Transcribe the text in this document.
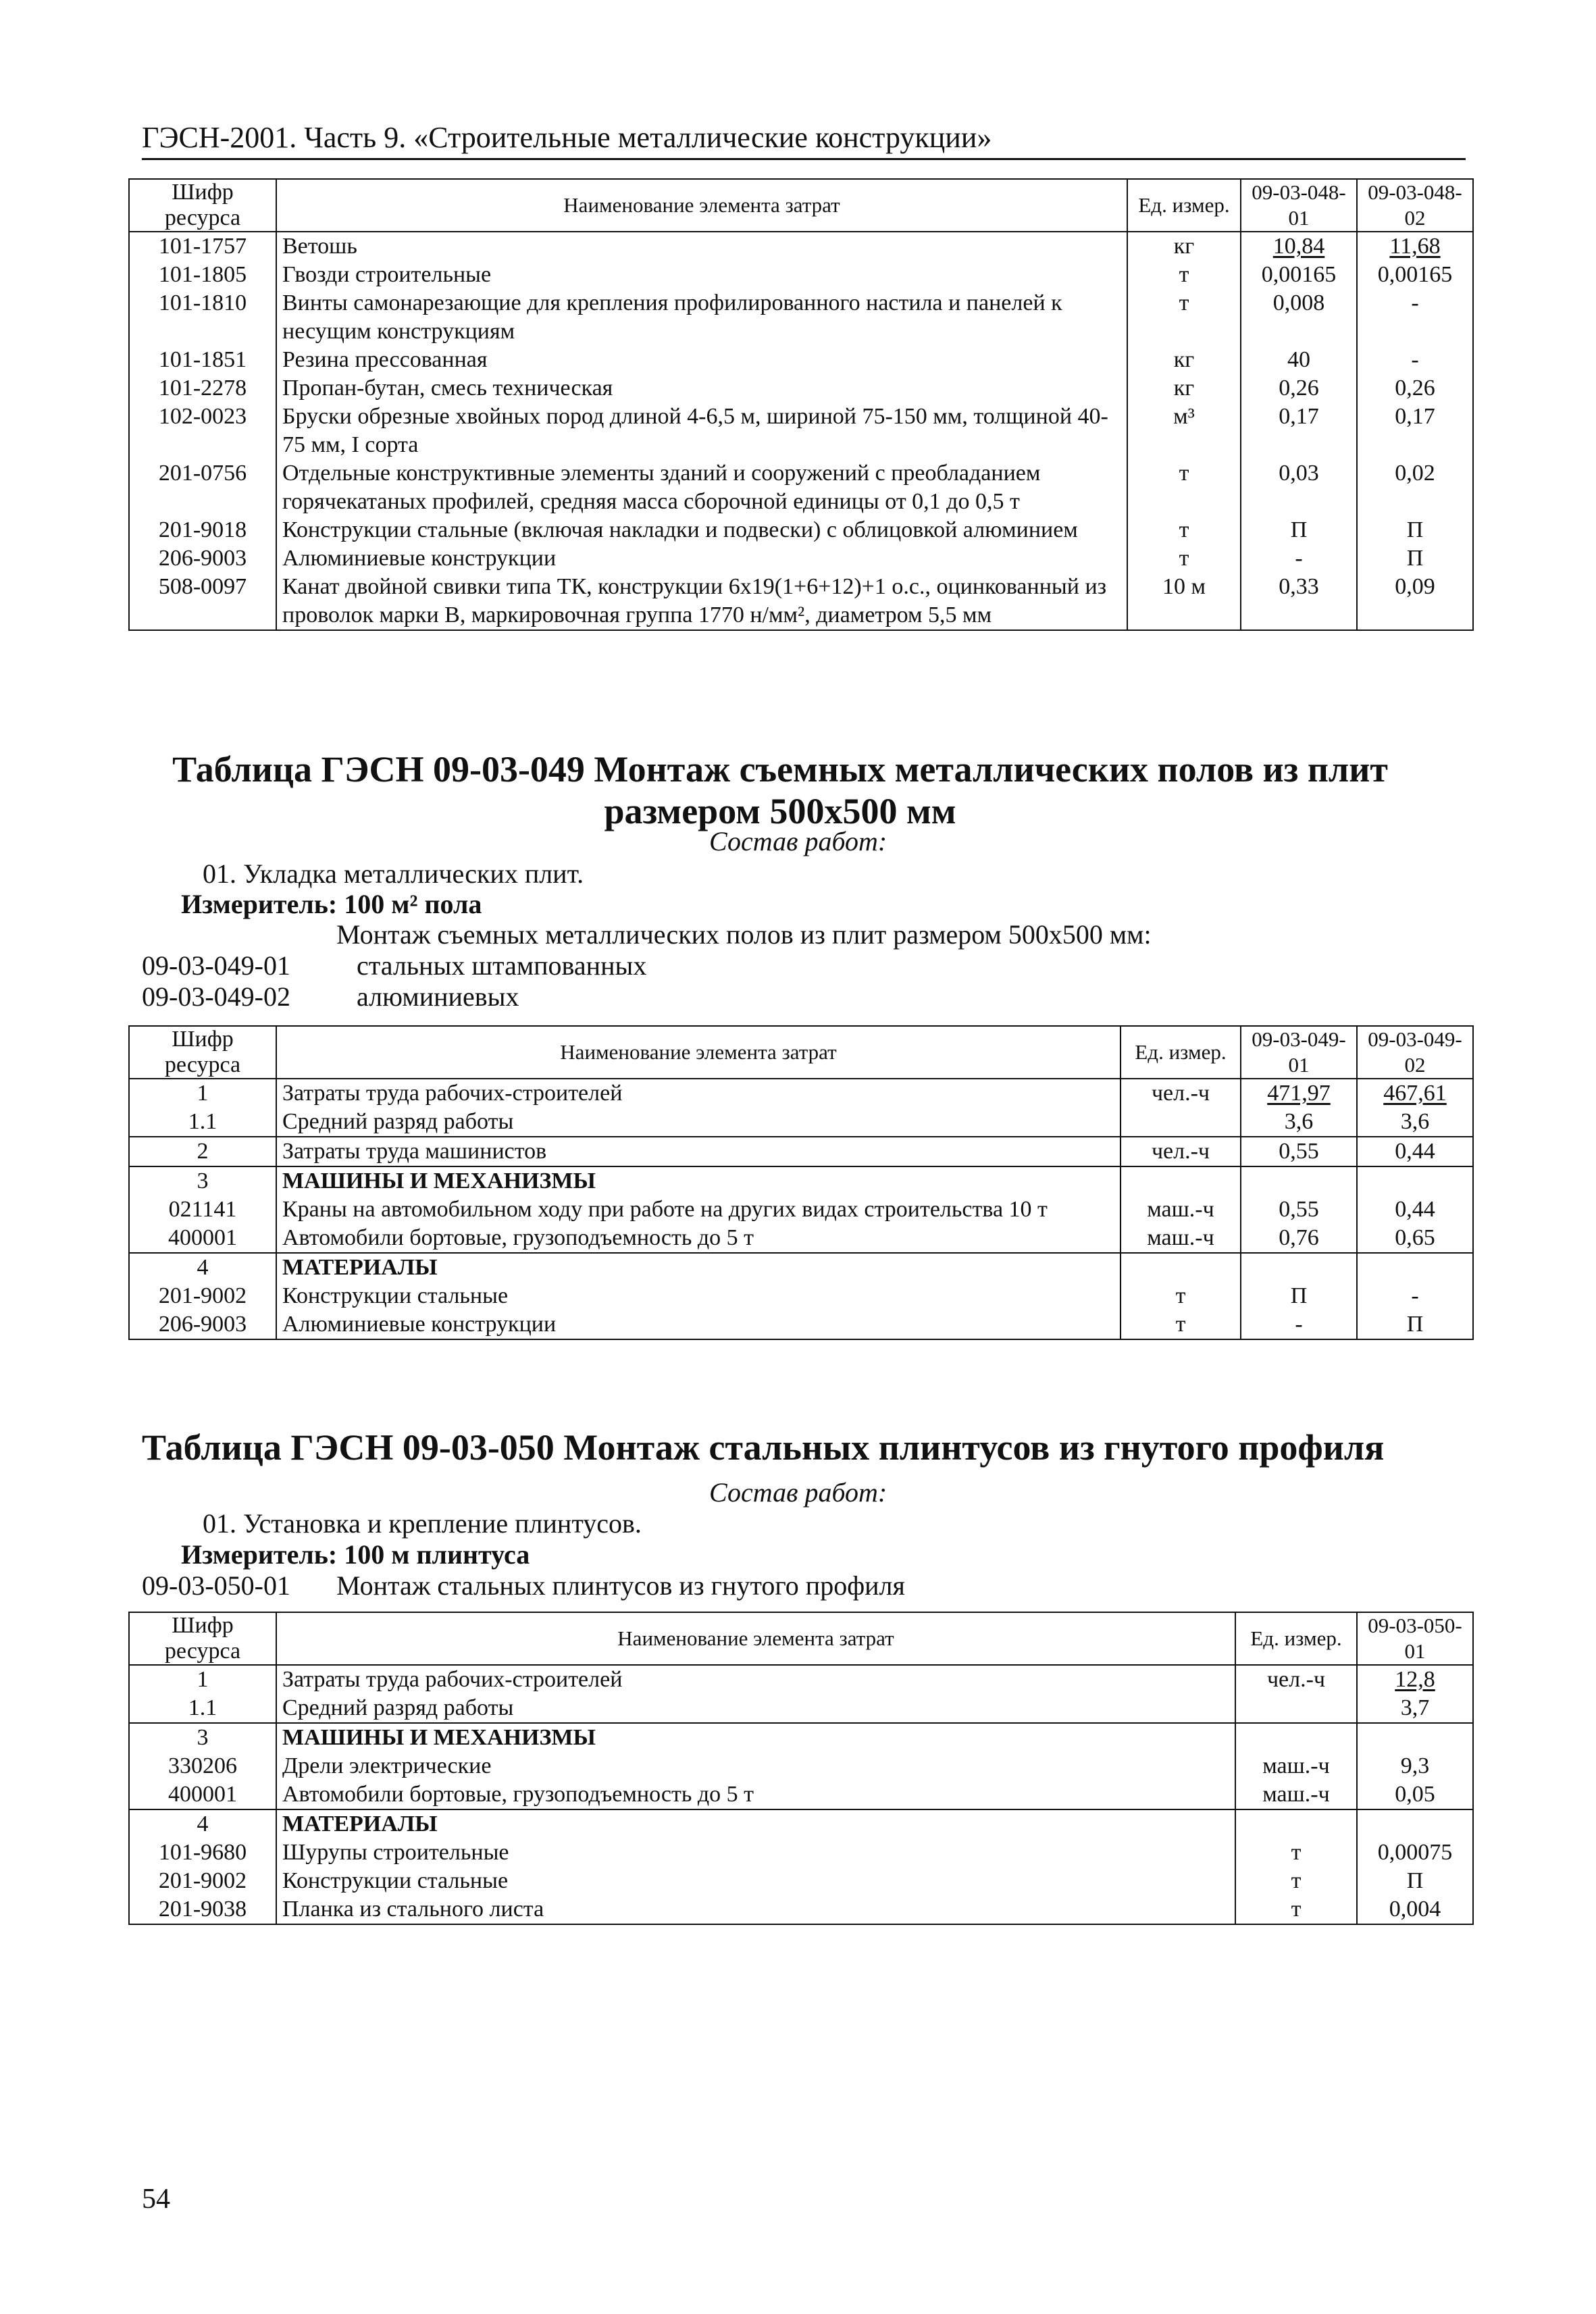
ГЭСН-2001. Часть 9. «Строительные металлические конструкции»
Шифр ресурса	Наименование элемента затрат	Ед. измер.	09-03-048-01	09-03-048-02
101-1757	Ветошь	кг	10,84	11,68
101-1805	Гвозди строительные	т	0,00165	0,00165
101-1810	Винты самонарезающие для крепления профилированного настила и панелей к несущим конструкциям	т	0,008	-
101-1851	Резина прессованная	кг	40	-
101-2278	Пропан-бутан, смесь техническая	кг	0,26	0,26
102-0023	Бруски обрезные хвойных пород длиной 4-6,5 м, шириной 75-150 мм, толщиной 40-75 мм, I сорта	м³	0,17	0,17
201-0756	Отдельные конструктивные элементы зданий и сооружений с преобладанием горячекатаных профилей, средняя масса сборочной единицы от 0,1 до 0,5 т	т	0,03	0,02
201-9018	Конструкции стальные (включая накладки и подвески) с облицовкой алюминием	т	П	П
206-9003	Алюминиевые конструкции	т	-	П
508-0097	Канат двойной свивки типа ТК, конструкции 6х19(1+6+12)+1 о.с., оцинкованный из проволок марки В, маркировочная группа 1770 н/мм², диаметром 5,5 мм	10 м	0,33	0,09
Таблица ГЭСН 09-03-049 Монтаж съемных металлических полов из плит размером 500х500 мм
Состав работ:
01. Укладка металлических плит.
Измеритель: 100 м² пола
Монтаж съемных металлических полов из плит размером 500х500 мм:
09-03-049-01 стальных штампованных
09-03-049-02 алюминиевых
Шифр ресурса	Наименование элемента затрат	Ед. измер.	09-03-049-01	09-03-049-02
1	Затраты труда рабочих-строителей	чел.-ч	471,97	467,61
1.1	Средний разряд работы		3,6	3,6
2	Затраты труда машинистов	чел.-ч	0,55	0,44
3	МАШИНЫ И МЕХАНИЗМЫ			
021141	Краны на автомобильном ходу при работе на других видах строительства 10 т	маш.-ч	0,55	0,44
400001	Автомобили бортовые, грузоподъемность до 5 т	маш.-ч	0,76	0,65
4	МАТЕРИАЛЫ			
201-9002	Конструкции стальные	т	П	-
206-9003	Алюминиевые конструкции	т	-	П
Таблица ГЭСН 09-03-050 Монтаж стальных плинтусов из гнутого профиля
Состав работ:
01. Установка и крепление плинтусов.
Измеритель: 100 м плинтуса
09-03-050-01 Монтаж стальных плинтусов из гнутого профиля
Шифр ресурса	Наименование элемента затрат	Ед. измер.	09-03-050-01
1	Затраты труда рабочих-строителей	чел.-ч	12,8
1.1	Средний разряд работы		3,7
3	МАШИНЫ И МЕХАНИЗМЫ		
330206	Дрели электрические	маш.-ч	9,3
400001	Автомобили бортовые, грузоподъемность до 5 т	маш.-ч	0,05
4	МАТЕРИАЛЫ		
101-9680	Шурупы строительные	т	0,00075
201-9002	Конструкции стальные	т	П
201-9038	Планка из стального листа	т	0,004
54
